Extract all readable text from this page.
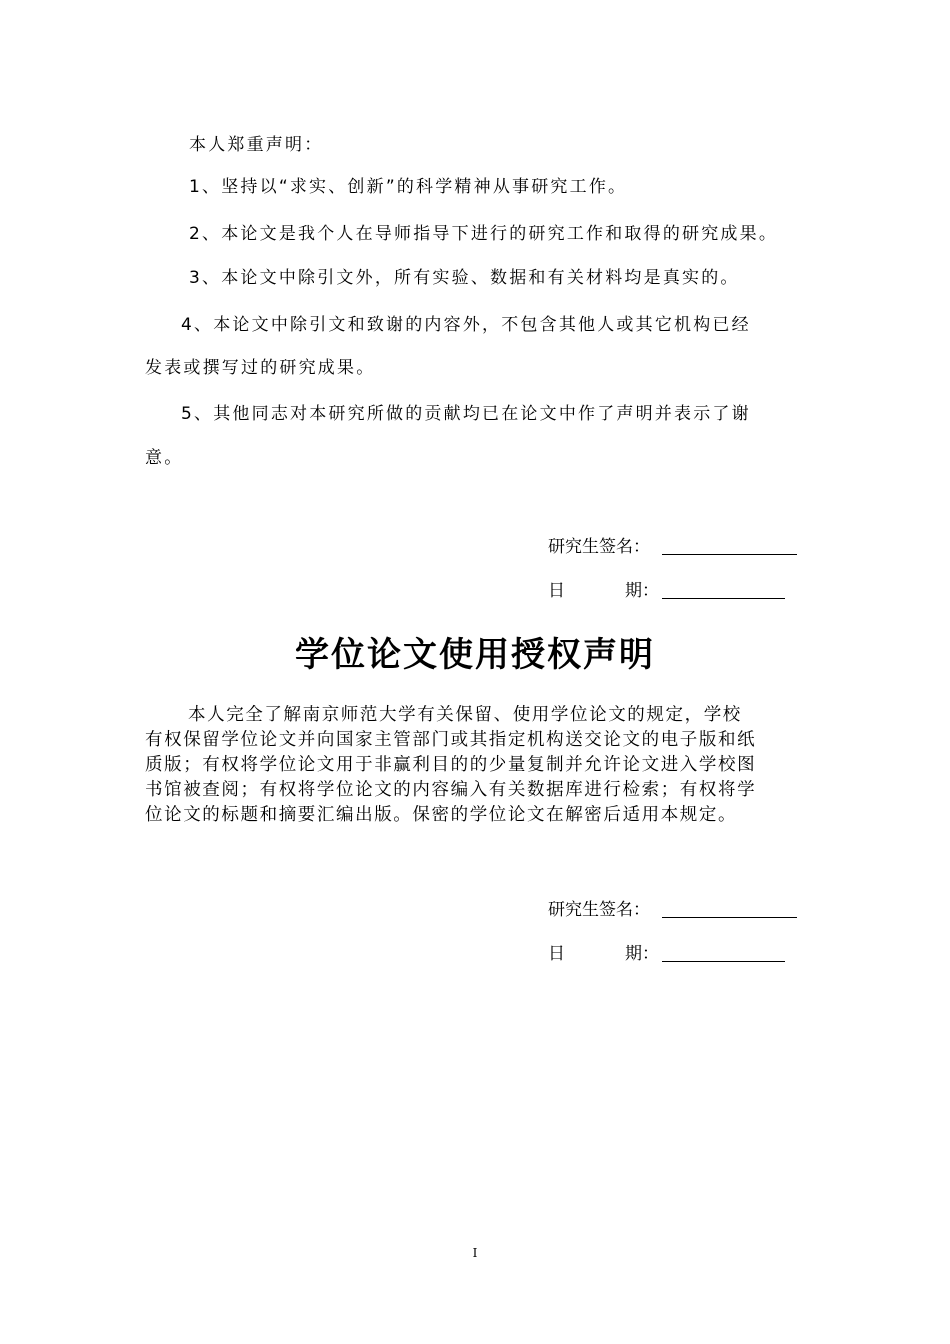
本人郑重声明：
1、坚持以“求实、创新”的科学精神从事研究工作。
2、本论文是我个人在导师指导下进行的研究工作和取得的研究成果。
3、本论文中除引文外，所有实验、数据和有关材料均是真实的。
4、本论文中除引文和致谢的内容外，不包含其他人或其它机构已经
发表或撰写过的研究成果。
5、其他同志对本研究所做的贡献均已在论文中作了声明并表示了谢
意。
研究生签名：
日	期：
学位论文使用授权声明
本人完全了解南京师范大学有关保留、使用学位论文的规定，学校
有权保留学位论文并向国家主管部门或其指定机构送交论文的电子版和纸
质版；有权将学位论文用于非赢利目的的少量复制并允许论文进入学校图
书馆被查阅；有权将学位论文的内容编入有关数据库进行检索；有权将学
位论文的标题和摘要汇编出版。保密的学位论文在解密后适用本规定。
研究生签名：
日	期：
I
